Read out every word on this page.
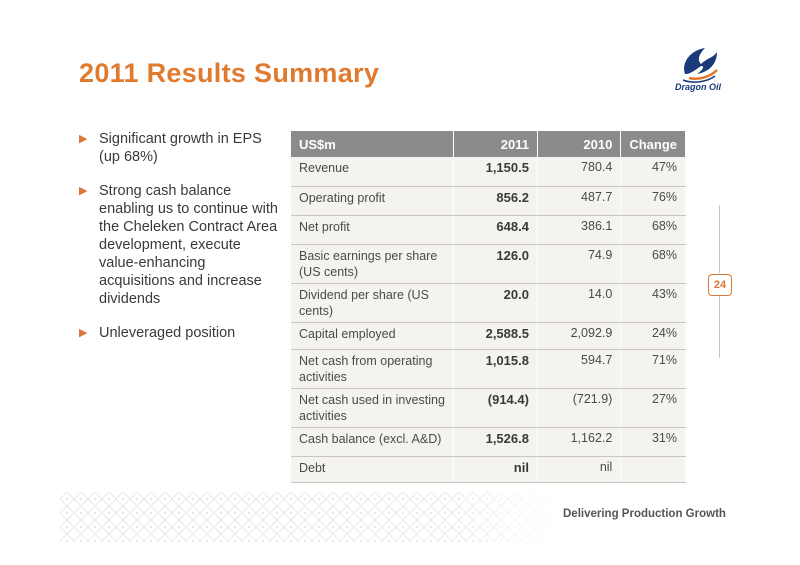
2011 Results Summary	Dragon Oil
▶ Significant growth in EPS (up 68%)
▶ Strong cash balance enabling us to continue with the Cheleken Contract Area development, execute value-enhancing acquisitions and increase dividends
▶ Unleveraged position
US$m	2011	2010	Change
Revenue	1,150.5	780.4	47%
Operating profit	856.2	487.7	76%
Net profit	648.4	386.1	68%
Basic earnings per share (US cents)	126.0	74.9	68%
Dividend per share (US cents)	20.0	14.0	43%
Capital employed	2,588.5	2,092.9	24%
Net cash from operating activities	1,015.8	594.7	71%
Net cash used in investing activities	(914.4)	(721.9)	27%
Cash balance (excl. A&D)	1,526.8	1,162.2	31%
Debt	nil	nil	
24
Delivering Production Growth
